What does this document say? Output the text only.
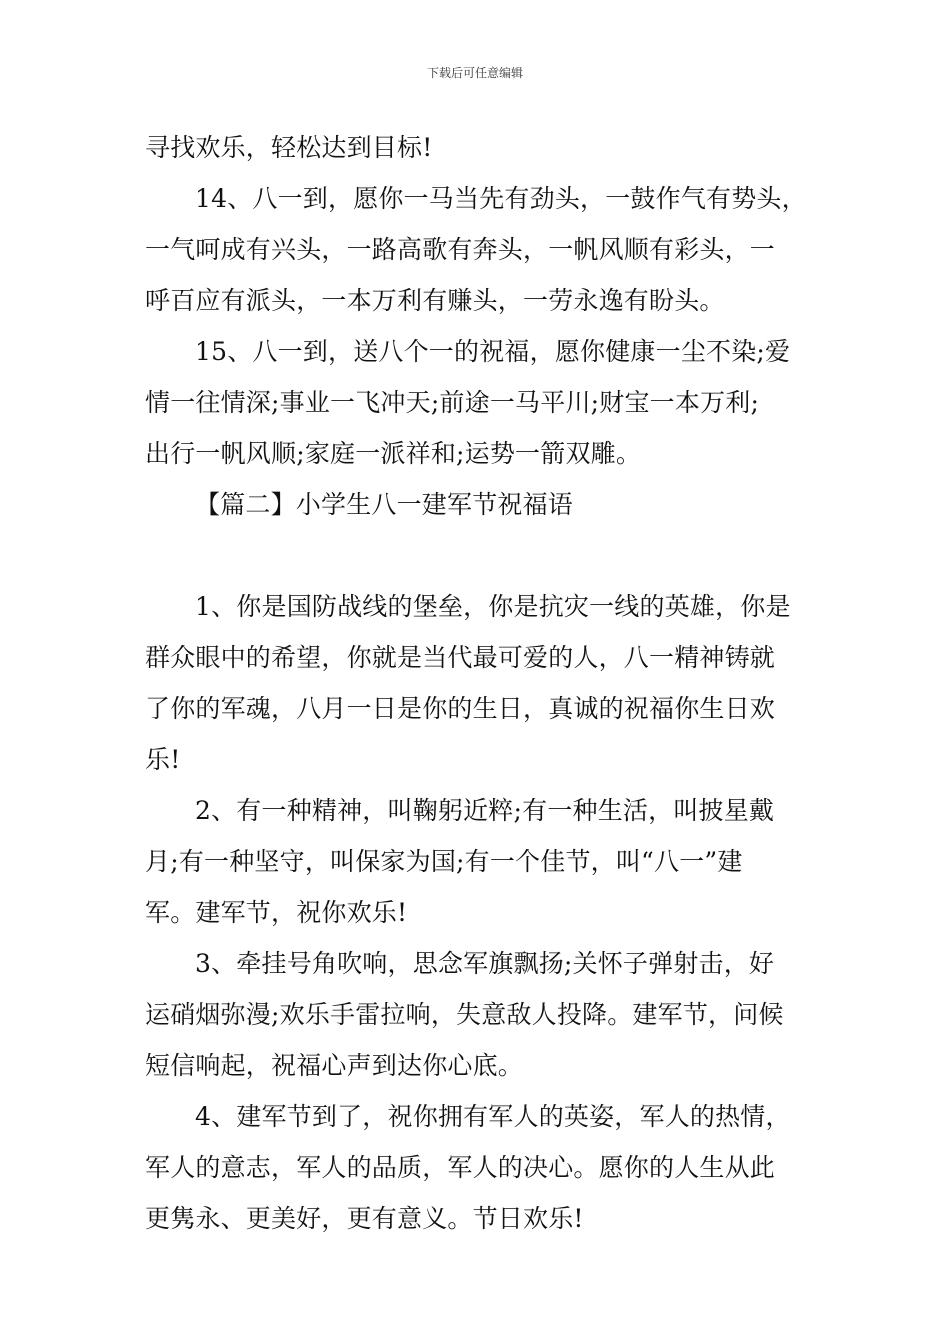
下载后可任意编辑
寻找欢乐，轻松达到目标!
14、八一到，愿你一马当先有劲头，一鼓作气有势头，
一气呵成有兴头，一路高歌有奔头，一帆风顺有彩头，一
呼百应有派头，一本万利有赚头，一劳永逸有盼头。
15、八一到，送八个一的祝福，愿你健康一尘不染;爱
情一往情深;事业一飞冲天;前途一马平川;财宝一本万利;
出行一帆风顺;家庭一派祥和;运势一箭双雕。
【篇二】小学生八一建军节祝福语
1、你是国防战线的堡垒，你是抗灾一线的英雄，你是
群众眼中的希望，你就是当代最可爱的人，八一精神铸就
了你的军魂，八月一日是你的生日，真诚的祝福你生日欢
乐!
2、有一种精神，叫鞠躬近粹;有一种生活，叫披星戴
月;有一种坚守，叫保家为国;有一个佳节，叫“八一”建
军。建军节，祝你欢乐!
3、牵挂号角吹响，思念军旗飘扬;关怀子弹射击，好
运硝烟弥漫;欢乐手雷拉响，失意敌人投降。建军节，问候
短信响起，祝福心声到达你心底。
4、建军节到了，祝你拥有军人的英姿，军人的热情，
军人的意志，军人的品质，军人的决心。愿你的人生从此
更隽永、更美好，更有意义。节日欢乐!
